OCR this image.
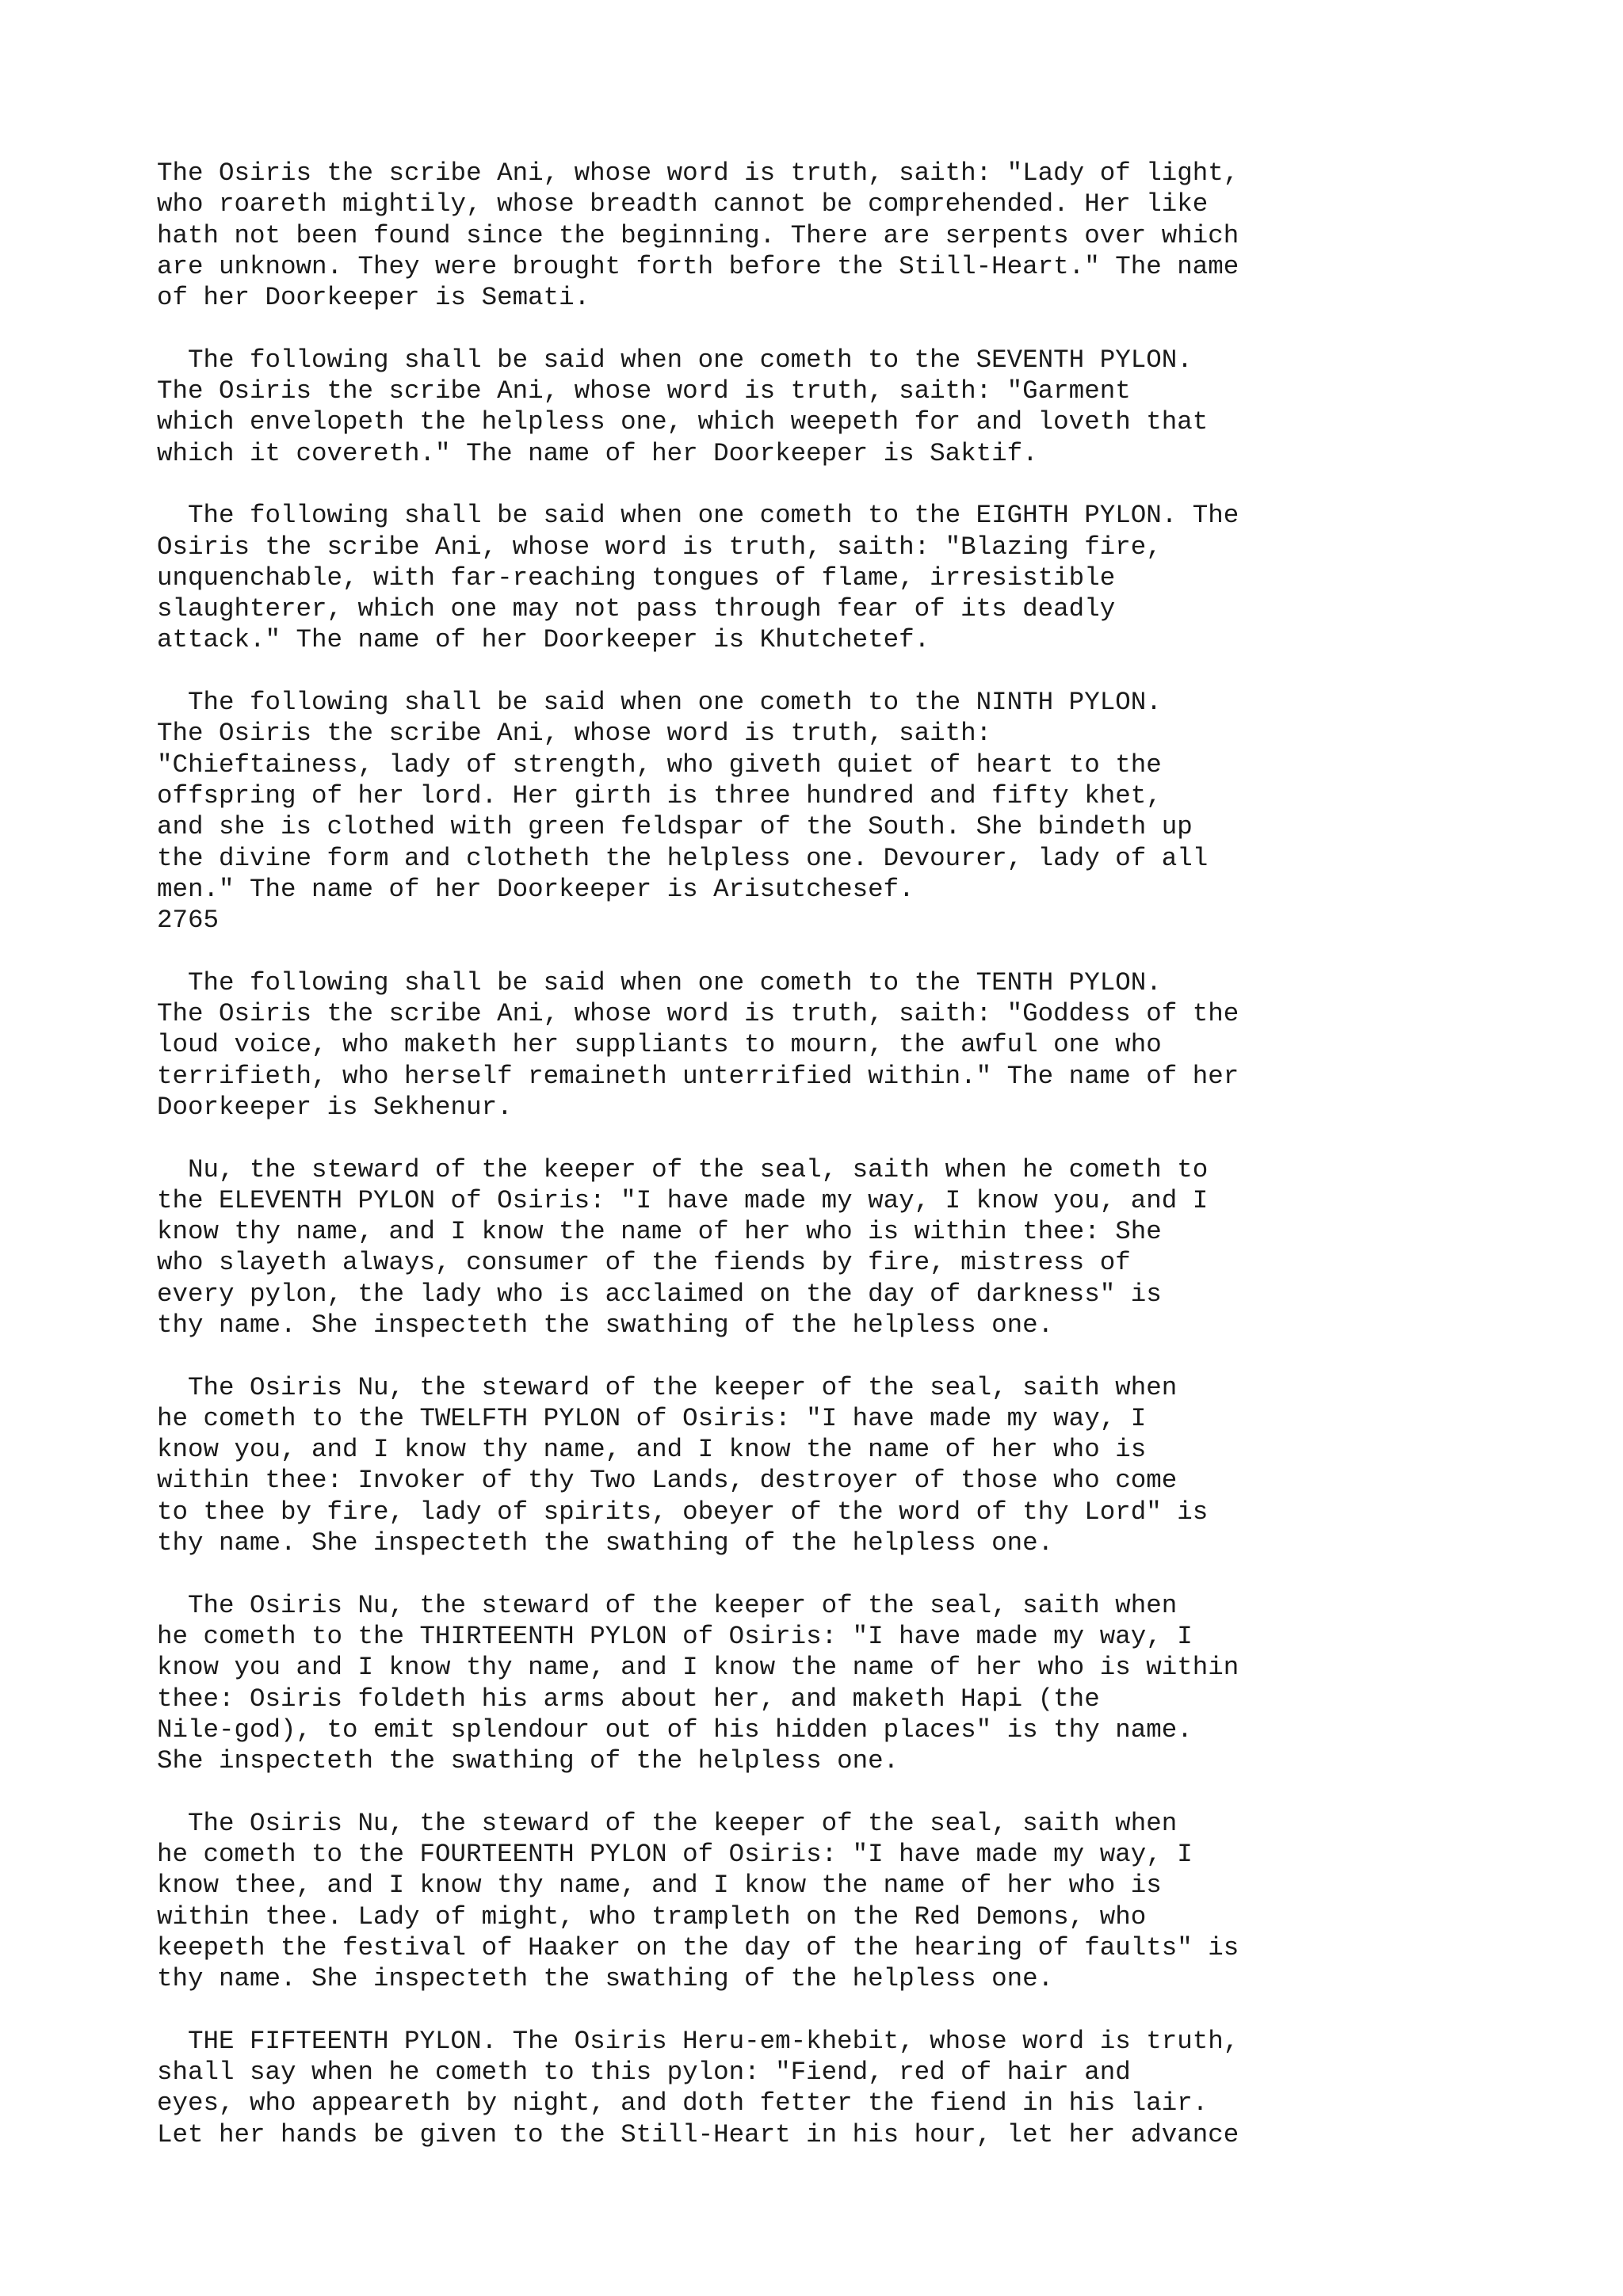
The Osiris the scribe Ani, whose word is truth, saith: "Lady of light,
who roareth mightily, whose breadth cannot be comprehended. Her like
hath not been found since the beginning. There are serpents over which
are unknown. They were brought forth before the Still-Heart." The name
of her Doorkeeper is Semati.

The following shall be said when one cometh to the SEVENTH PYLON.
The Osiris the scribe Ani, whose word is truth, saith: "Garment
which envelopeth the helpless one, which weepeth for and loveth that
which it covereth." The name of her Doorkeeper is Saktif.

The following shall be said when one cometh to the EIGHTH PYLON. The
Osiris the scribe Ani, whose word is truth, saith: "Blazing fire,
unquenchable, with far-reaching tongues of flame, irresistible
slaughterer, which one may not pass through fear of its deadly
attack." The name of her Doorkeeper is Khutchetef.

The following shall be said when one cometh to the NINTH PYLON.
The Osiris the scribe Ani, whose word is truth, saith:
"Chieftainess, lady of strength, who giveth quiet of heart to the
offspring of her lord. Her girth is three hundred and fifty khet,
and she is clothed with green feldspar of the South. She bindeth up
the divine form and clotheth the helpless one. Devourer, lady of all
men." The name of her Doorkeeper is Arisutchesef.
2765

The following shall be said when one cometh to the TENTH PYLON.
The Osiris the scribe Ani, whose word is truth, saith: "Goddess of the
loud voice, who maketh her suppliants to mourn, the awful one who
terrifieth, who herself remaineth unterrified within." The name of her
Doorkeeper is Sekhenur.

Nu, the steward of the keeper of the seal, saith when he cometh to
the ELEVENTH PYLON of Osiris: "I have made my way, I know you, and I
know thy name, and I know the name of her who is within thee: She
who slayeth always, consumer of the fiends by fire, mistress of
every pylon, the lady who is acclaimed on the day of darkness" is
thy name. She inspecteth the swathing of the helpless one.

The Osiris Nu, the steward of the keeper of the seal, saith when
he cometh to the TWELFTH PYLON of Osiris: "I have made my way, I
know you, and I know thy name, and I know the name of her who is
within thee: Invoker of thy Two Lands, destroyer of those who come
to thee by fire, lady of spirits, obeyer of the word of thy Lord" is
thy name. She inspecteth the swathing of the helpless one.

The Osiris Nu, the steward of the keeper of the seal, saith when
he cometh to the THIRTEENTH PYLON of Osiris: "I have made my way, I
know you and I know thy name, and I know the name of her who is within
thee: Osiris foldeth his arms about her, and maketh Hapi (the
Nile-god), to emit splendour out of his hidden places" is thy name.
She inspecteth the swathing of the helpless one.

The Osiris Nu, the steward of the keeper of the seal, saith when
he cometh to the FOURTEENTH PYLON of Osiris: "I have made my way, I
know thee, and I know thy name, and I know the name of her who is
within thee. Lady of might, who trampleth on the Red Demons, who
keepeth the festival of Haaker on the day of the hearing of faults" is
thy name. She inspecteth the swathing of the helpless one.

THE FIFTEENTH PYLON. The Osiris Heru-em-khebit, whose word is truth,
shall say when he cometh to this pylon: "Fiend, red of hair and
eyes, who appeareth by night, and doth fetter the fiend in his lair.
Let her hands be given to the Still-Heart in his hour, let her advance
